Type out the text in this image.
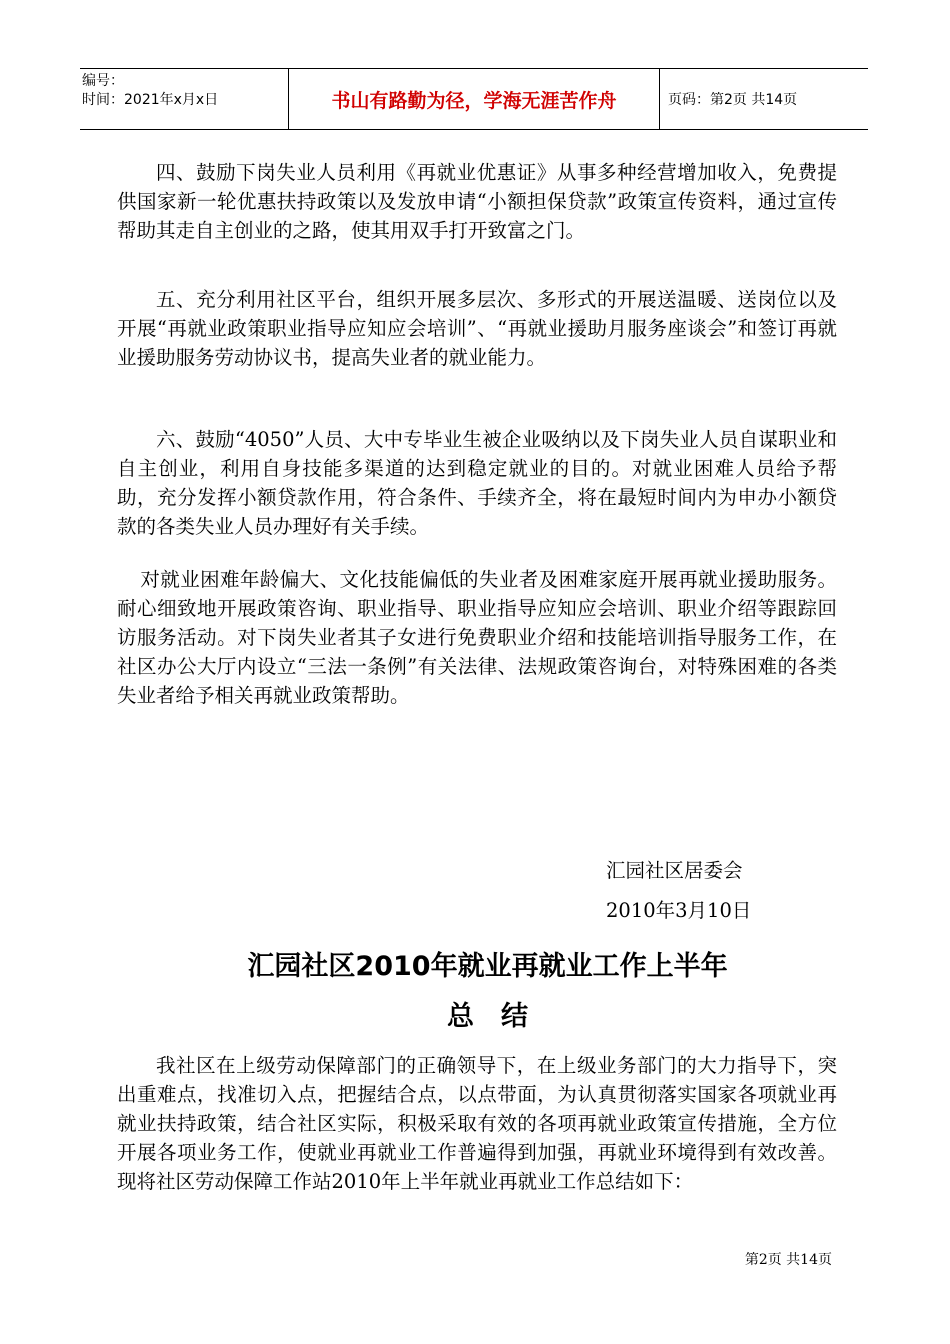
编号：
时间：2021年x月x日	书山有路勤为径，学海无涯苦作舟	页码：第2页 共14页

四、鼓励下岗失业人员利用《再就业优惠证》从事多种经营增加收入，免费提供国家新一轮优惠扶持政策以及发放申请“小额担保贷款”政策宣传资料，通过宣传帮助其走自主创业的之路，使其用双手打开致富之门。

五、充分利用社区平台，组织开展多层次、多形式的开展送温暖、送岗位以及开展“再就业政策职业指导应知应会培训”、“再就业援助月服务座谈会”和签订再就业援助服务劳动协议书，提高失业者的就业能力。

六、鼓励“4050”人员、大中专毕业生被企业吸纳以及下岗失业人员自谋职业和自主创业，利用自身技能多渠道的达到稳定就业的目的。对就业困难人员给予帮助，充分发挥小额贷款作用，符合条件、手续齐全，将在最短时间内为申办小额贷款的各类失业人员办理好有关手续。

对就业困难年龄偏大、文化技能偏低的失业者及困难家庭开展再就业援助服务。耐心细致地开展政策咨询、职业指导、职业指导应知应会培训、职业介绍等跟踪回访服务活动。对下岗失业者其子女进行免费职业介绍和技能培训指导服务工作，在社区办公大厅内设立“三法一条例”有关法律、法规政策咨询台，对特殊困难的各类失业者给予相关再就业政策帮助。

汇园社区居委会
2010年3月10日
汇园社区2010年就业再就业工作上半年
总　结

我社区在上级劳动保障部门的正确领导下，在上级业务部门的大力指导下，突出重难点，找准切入点，把握结合点，以点带面，为认真贯彻落实国家各项就业再就业扶持政策，结合社区实际，积极采取有效的各项再就业政策宣传措施，全方位开展各项业务工作，使就业再就业工作普遍得到加强，再就业环境得到有效改善。现将社区劳动保障工作站2010年上半年就业再就业工作总结如下：

第2页 共14页
